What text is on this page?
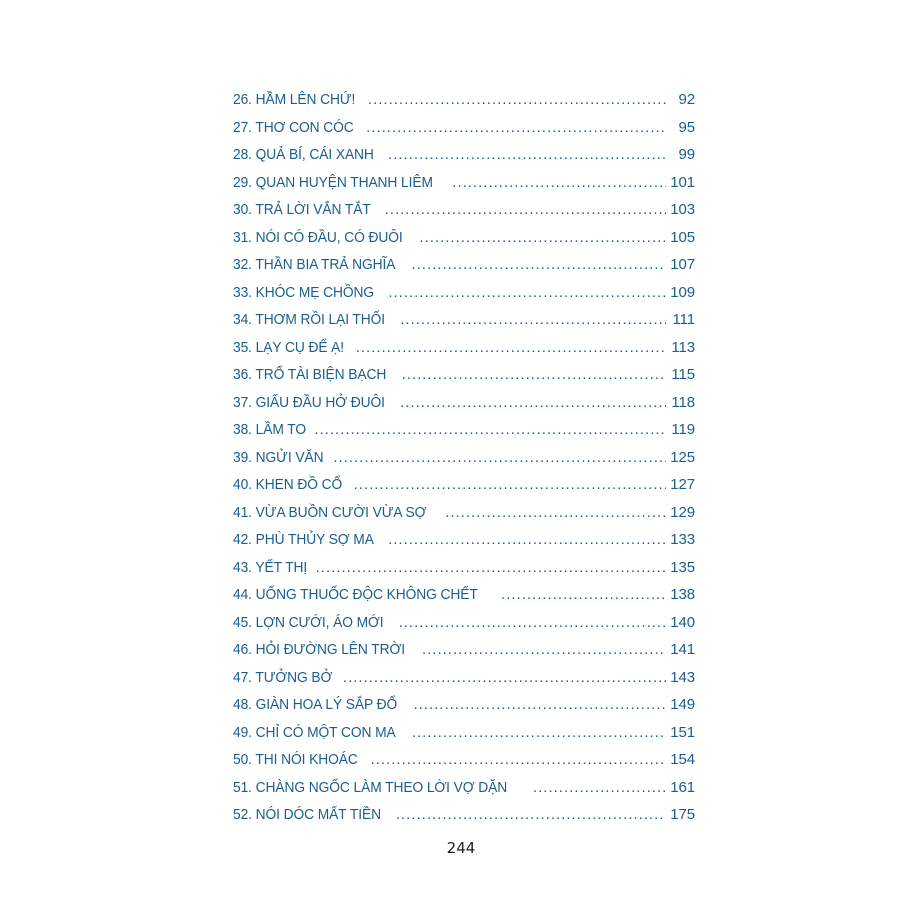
26. HẦM LÊN CHỨ! .....	92
27. THƠ CON CÓC .....	95
28. QUẢ BÍ, CÁI XANH .....	99
29. QUAN HUYỆN THANH LIÊM .....	101
30. TRẢ LỜI VẮN TẮT .....	103
31. NÓI CÓ ĐẦU, CÓ ĐUÔI .....	105
32. THẦN BIA TRẢ NGHĨA .....	107
33. KHÓC MẸ CHỒNG .....	109
34. THƠM RỒI LẠI THỐI .....	111
35. LẠY CỤ ĐỂ Ạ! .....	113
36. TRỔ TÀI BIỆN BẠCH .....	115
37. GIẤU ĐẦU HỞ ĐUÔI .....	118
38. LẦM TO .....	119
39. NGỬI VĂN .....	125
40. KHEN ĐỒ CỔ .....	127
41. VỪA BUỒN CƯỜI VỪA SỢ .....	129
42. PHÙ THỦY SỢ MA .....	133
43. YẾT THỊ .....	135
44. UỐNG THUỐC ĐỘC KHÔNG CHẾT .....	138
45. LỢN CƯỚI, ÁO MỚI .....	140
46. HỎI ĐƯỜNG LÊN TRỜI .....	141
47. TƯỞNG BỞ .....	143
48. GIÀN HOA LÝ SẮP ĐỔ .....	149
49. CHỈ CÓ MỘT CON MA .....	151
50. THI NÓI KHOÁC .....	154
51. CHÀNG NGỐC LÀM THEO LỜI VỢ DẶN .....	161
52. NÓI DÓC MẤT TIỀN .....	175
244
